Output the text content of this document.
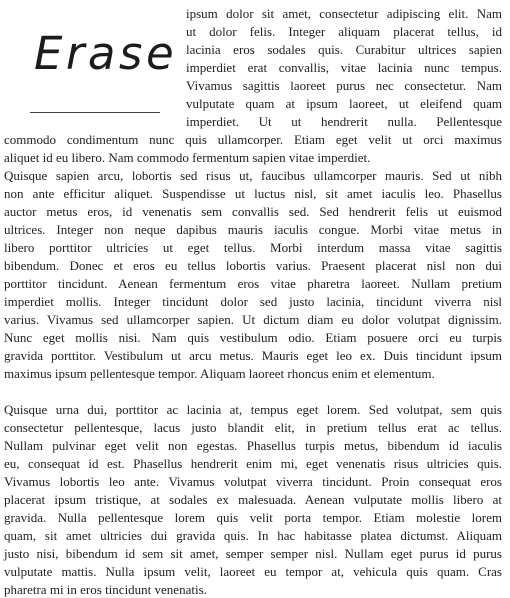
Erase
ipsum dolor sit amet, consectetur adipiscing elit. Nam
ut dolor felis. Integer aliquam placerat tellus, id
lacinia eros sodales quis. Curabitur ultrices sapien
imperdiet erat convallis, vitae lacinia nunc tempus.
Vivamus sagittis laoreet purus nec consectetur. Nam
vulputate quam at ipsum laoreet, ut eleifend quam
imperdiet. Ut ut hendrerit nulla. Pellentesque
commodo condimentum nunc quis ullamcorper. Etiam eget velit ut orci maximus
aliquet id eu libero. Nam commodo fermentum sapien vitae imperdiet.
Quisque sapien arcu, lobortis sed risus ut, faucibus ullamcorper mauris. Sed ut nibh
non ante efficitur aliquet. Suspendisse ut luctus nisl, sit amet iaculis leo. Phasellus
auctor metus eros, id venenatis sem convallis sed. Sed hendrerit felis ut euismod
ultrices. Integer non neque dapibus mauris iaculis congue. Morbi vitae metus in
libero porttitor ultricies ut eget tellus. Morbi interdum massa vitae sagittis
bibendum. Donec et eros eu tellus lobortis varius. Praesent placerat nisl non dui
porttitor tincidunt. Aenean fermentum eros vitae pharetra laoreet. Nullam pretium
imperdiet mollis. Integer tincidunt dolor sed justo lacinia, tincidunt viverra nisl
varius. Vivamus sed ullamcorper sapien. Ut dictum diam eu dolor volutpat dignissim.
Nunc eget mollis nisi. Nam quis vestibulum odio. Etiam posuere orci eu turpis
gravida porttitor. Vestibulum ut arcu metus. Mauris eget leo ex. Duis tincidunt ipsum
maximus ipsum pellentesque tempor. Aliquam laoreet rhoncus enim et elementum.
Quisque urna dui, porttitor ac lacinia at, tempus eget lorem. Sed volutpat, sem quis
consectetur pellentesque, lacus justo blandit elit, in pretium tellus erat ac tellus.
Nullam pulvinar eget velit non egestas. Phasellus turpis metus, bibendum id iaculis
eu, consequat id est. Phasellus hendrerit enim mi, eget venenatis risus ultricies quis.
Vivamus lobortis leo ante. Vivamus volutpat viverra tincidunt. Proin consequat eros
placerat ipsum tristique, at sodales ex malesuada. Aenean vulputate mollis libero at
gravida. Nulla pellentesque lorem quis velit porta tempor. Etiam molestie lorem
quam, sit amet ultricies dui gravida quis. In hac habitasse platea dictumst. Aliquam
justo nisi, bibendum id sem sit amet, semper semper nisl. Nullam eget purus id purus
vulputate mattis. Nulla ipsum velit, laoreet eu tempor at, vehicula quis quam. Cras
pharetra mi in eros tincidunt venenatis.
